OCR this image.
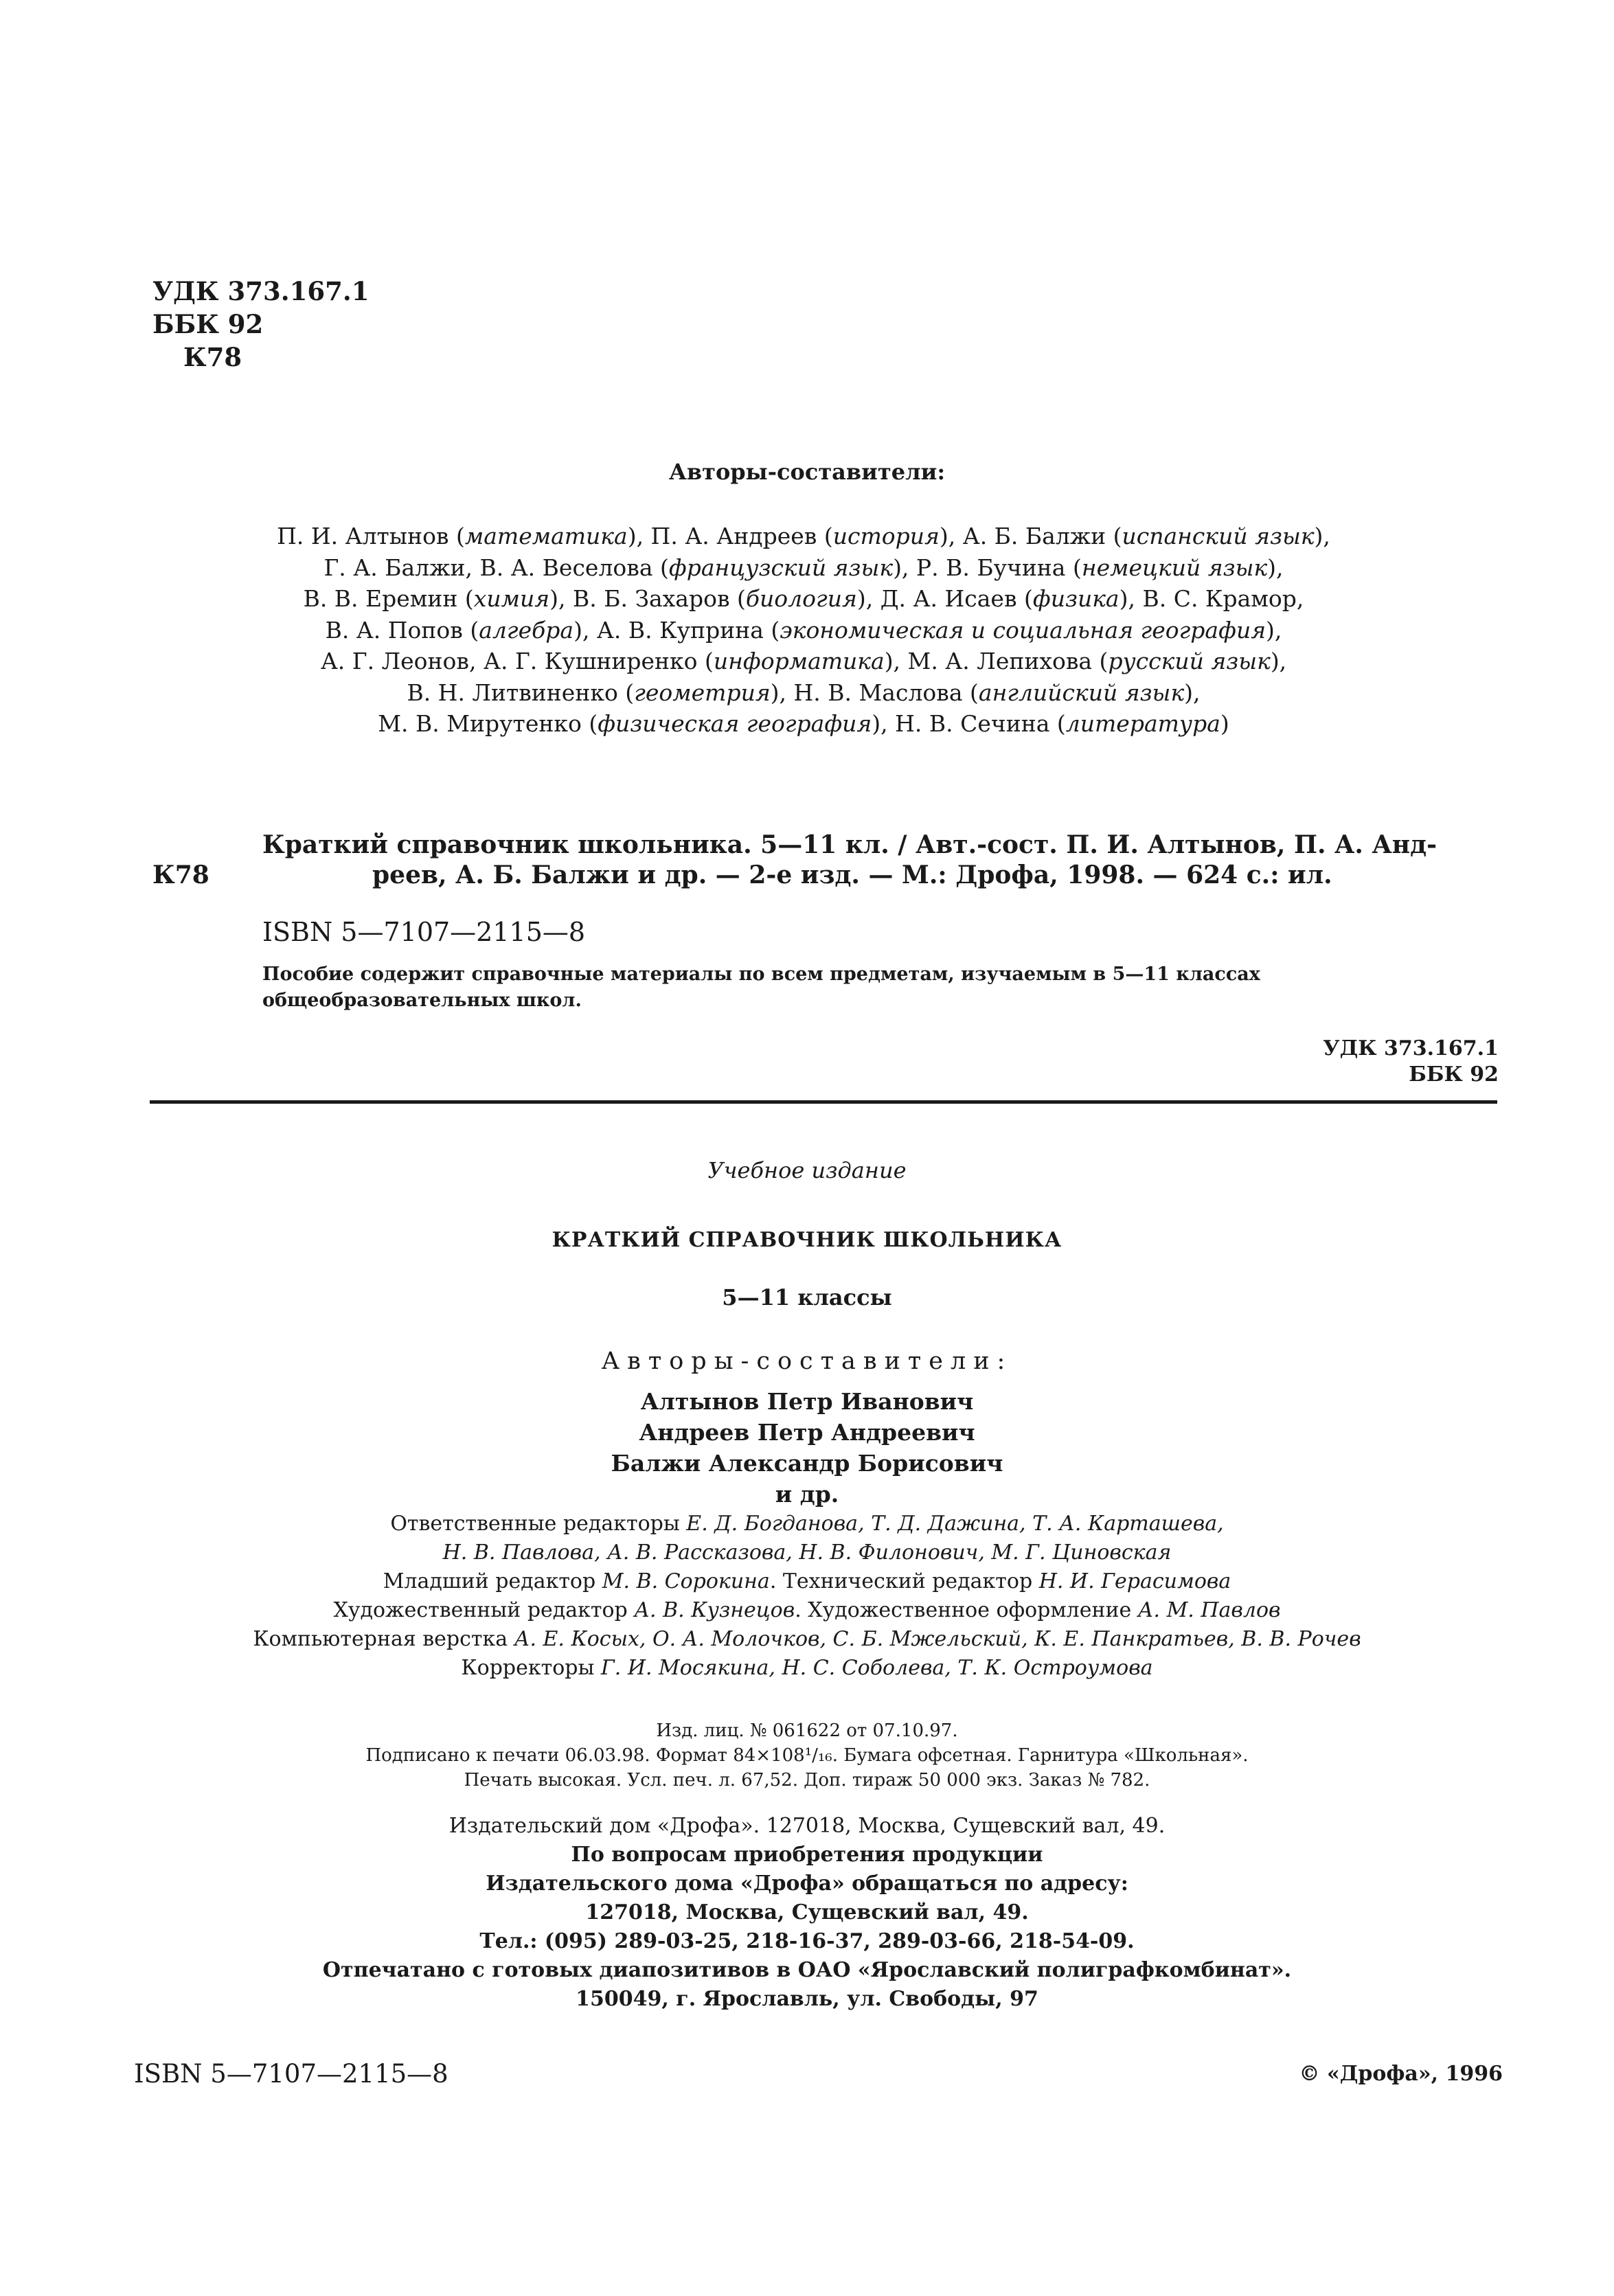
УДК 373.167.1
ББК 92
К78
Авторы-составители:
П. И. Алтынов (математика), П. А. Андреев (история), А. Б. Балжи (испанский язык),
Г. А. Балжи, В. А. Веселова (французский язык), Р. В. Бучина (немецкий язык),
В. В. Еремин (химия), В. Б. Захаров (биология), Д. А. Исаев (физика), В. С. Крамор,
В. А. Попов (алгебра), А. В. Куприна (экономическая и социальная география),
А. Г. Леонов, А. Г. Кушниренко (информатика), М. А. Лепихова (русский язык),
В. Н. Литвиненко (геометрия), Н. В. Маслова (английский язык),
М. В. Мирутенко (физическая география), Н. В. Сечина (литература)
К78
Краткий справочник школьника. 5—11 кл. / Авт.-сост. П. И. Алтынов, П. А. Анд-
реев, А. Б. Балжи и др. — 2-е изд. — М.: Дрофа, 1998. — 624 с.: ил.
ISBN 5—7107—2115—8
Пособие содержит справочные материалы по всем предметам, изучаемым в 5—11 классах общеобразовательных школ.
УДК 373.167.1
ББК 92
Учебное издание
КРАТКИЙ СПРАВОЧНИК ШКОЛЬНИКА
5—11 классы
Авторы-составители:
Алтынов Петр Иванович
Андреев Петр Андреевич
Балжи Александр Борисович
и др.
Ответственные редакторы Е. Д. Богданова, Т. Д. Дажина, Т. А. Карташева,
Н. В. Павлова, А. В. Рассказова, Н. В. Филонович, М. Г. Циновская
Младший редактор М. В. Сорокина. Технический редактор Н. И. Герасимова
Художественный редактор А. В. Кузнецов. Художественное оформление А. М. Павлов
Компьютерная верстка А. Е. Косых, О. А. Молочков, С. Б. Мжельский, К. Е. Панкратьев, В. В. Рочев
Корректоры Г. И. Мосякина, Н. С. Соболева, Т. К. Остроумова
Изд. лиц. № 061622 от 07.10.97.
Подписано к печати 06.03.98. Формат 84×108¹/₁₆. Бумага офсетная. Гарнитура «Школьная».
Печать высокая. Усл. печ. л. 67,52. Доп. тираж 50 000 экз. Заказ № 782.
Издательский дом «Дрофа». 127018, Москва, Сущевский вал, 49.
По вопросам приобретения продукции
Издательского дома «Дрофа» обращаться по адресу:
127018, Москва, Сущевский вал, 49.
Тел.: (095) 289-03-25, 218-16-37, 289-03-66, 218-54-09.
Отпечатано с готовых диапозитивов в ОАО «Ярославский полиграфкомбинат».
150049, г. Ярославль, ул. Свободы, 97
ISBN 5—7107—2115—8	© «Дрофа», 1996
